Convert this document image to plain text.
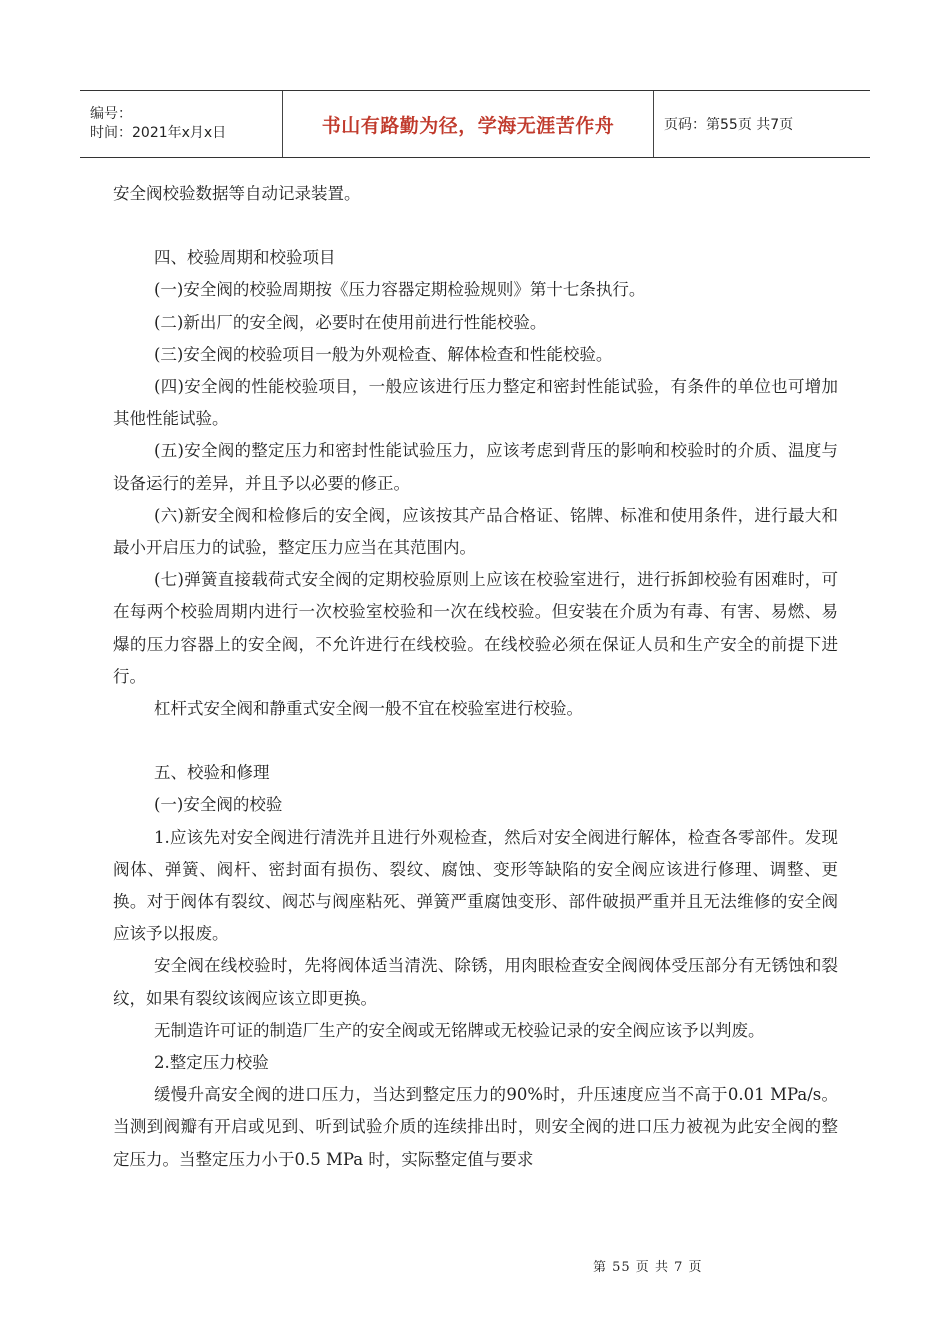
编号：
时间：2021年x月x日	书山有路勤为径，学海无涯苦作舟	页码：第55页 共7页

安全阀校验数据等自动记录装置。

四、校验周期和校验项目

(一)安全阀的校验周期按《压力容器定期检验规则》第十七条执行。

(二)新出厂的安全阀，必要时在使用前进行性能校验。

(三)安全阀的校验项目一般为外观检查、解体检查和性能校验。

(四)安全阀的性能校验项目，一般应该进行压力整定和密封性能试验，有条件的单位也可增加其他性能试验。

(五)安全阀的整定压力和密封性能试验压力，应该考虑到背压的影响和校验时的介质、温度与设备运行的差异，并且予以必要的修正。

(六)新安全阀和检修后的安全阀，应该按其产品合格证、铭牌、标准和使用条件，进行最大和最小开启压力的试验，整定压力应当在其范围内。

(七)弹簧直接载荷式安全阀的定期校验原则上应该在校验室进行，进行拆卸校验有困难时，可在每两个校验周期内进行一次校验室校验和一次在线校验。但安装在介质为有毒、有害、易燃、易爆的压力容器上的安全阀，不允许进行在线校验。在线校验必须在保证人员和生产安全的前提下进行。

杠杆式安全阀和静重式安全阀一般不宜在校验室进行校验。

五、校验和修理

(一)安全阀的校验

1.应该先对安全阀进行清洗并且进行外观检查，然后对安全阀进行解体，检查各零部件。发现阀体、弹簧、阀杆、密封面有损伤、裂纹、腐蚀、变形等缺陷的安全阀应该进行修理、调整、更换。对于阀体有裂纹、阀芯与阀座粘死、弹簧严重腐蚀变形、部件破损严重并且无法维修的安全阀应该予以报废。

安全阀在线校验时，先将阀体适当清洗、除锈，用肉眼检查安全阀阀体受压部分有无锈蚀和裂纹，如果有裂纹该阀应该立即更换。

无制造许可证的制造厂生产的安全阀或无铭牌或无校验记录的安全阀应该予以判废。

2.整定压力校验

缓慢升高安全阀的进口压力，当达到整定压力的90%时，升压速度应当不高于0.01 MPa/s。当测到阀瓣有开启或见到、听到试验介质的连续排出时，则安全阀的进口压力被视为此安全阀的整定压力。当整定压力小于0.5 MPa 时，实际整定值与要求

第 55 页 共 7 页
